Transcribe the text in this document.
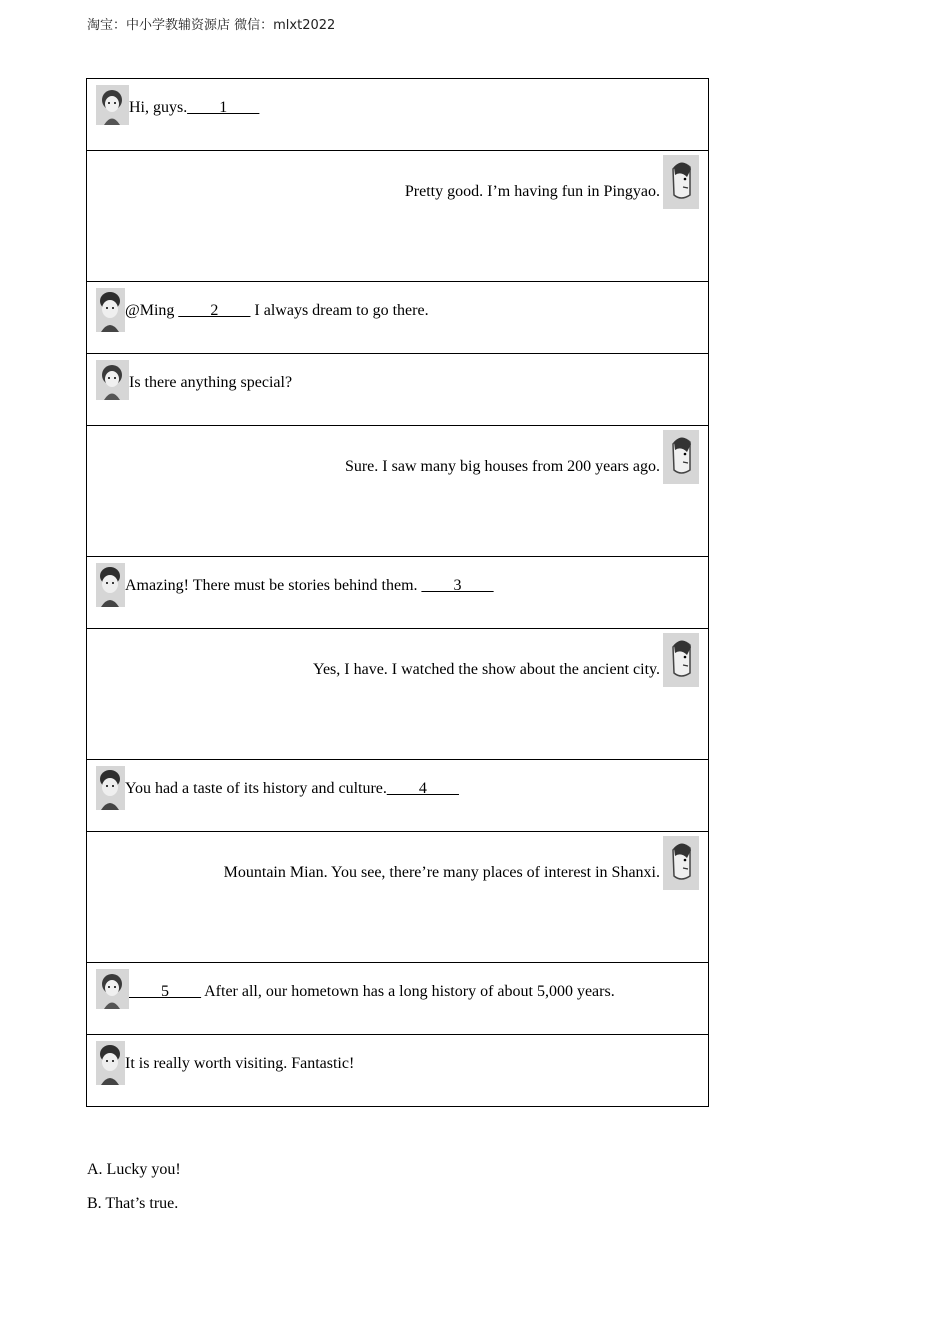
淘宝：中小学教辅资源店 微信：mlxt2022
Hi, guys.____1____

Pretty good. I’m having fun in Pingyao.

@Ming ____2____ I always dream to go there.

Is there anything special?

Sure. I saw many big houses from 200 years ago.

Amazing! There must be stories behind them. ____3____

Yes, I have. I watched the show about the ancient city.

You had a taste of its history and culture.____4____

Mountain Mian. You see, there’re many places of interest in Shanxi.

____5____ After all, our hometown has a long history of about 5,000 years.

It is really worth visiting. Fantastic!
A. Lucky you!
B. That’s true.
